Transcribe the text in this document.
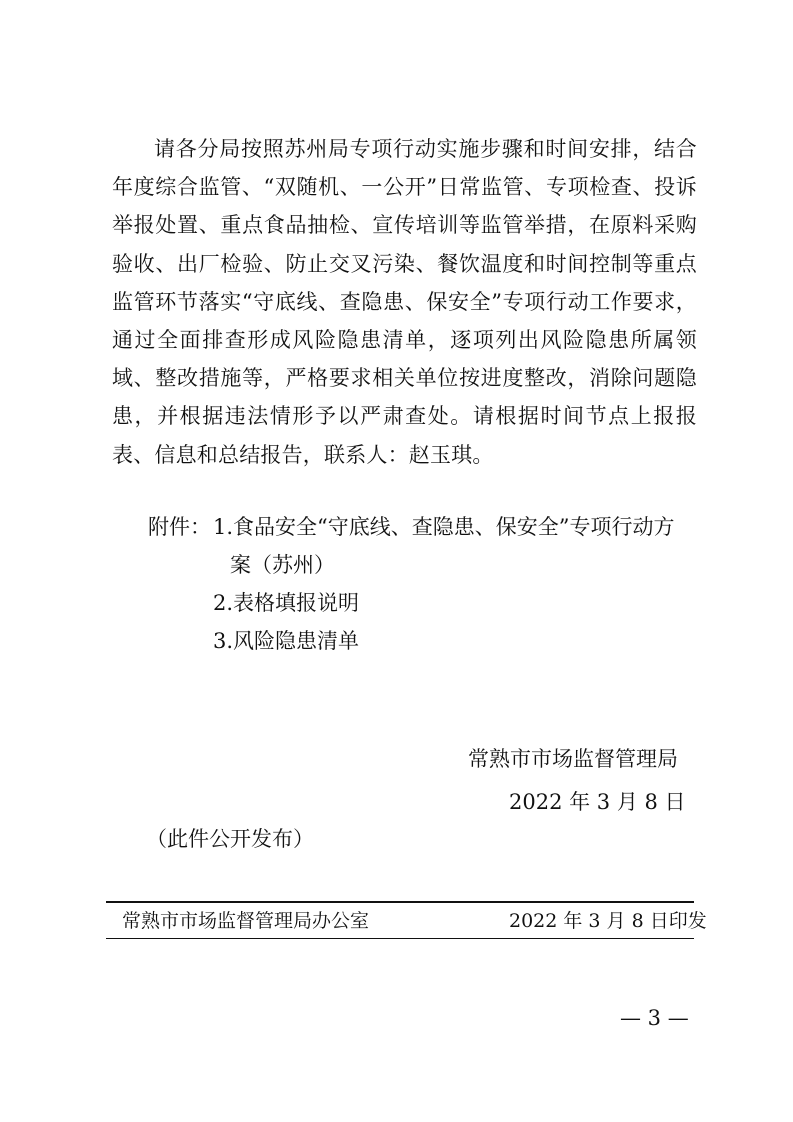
请各分局按照苏州局专项行动实施步骤和时间安排，结合年度综合监管、“双随机、一公开”日常监管、专项检查、投诉举报处置、重点食品抽检、宣传培训等监管举措，在原料采购验收、出厂检验、防止交叉污染、餐饮温度和时间控制等重点监管环节落实“守底线、查隐患、保安全”专项行动工作要求，通过全面排查形成风险隐患清单，逐项列出风险隐患所属领域、整改措施等，严格要求相关单位按进度整改，消除问题隐患，并根据违法情形予以严肃查处。请根据时间节点上报报表、信息和总结报告，联系人：赵玉琪。

附件： 1.食品安全“守底线、查隐患、保安全”专项行动方
案（苏州）
2.表格填报说明
3.风险隐患清单
常熟市市场监督管理局
2022 年 3 月 8 日
（此件公开发布）
常熟市市场监督管理局办公室	2022 年 3 月 8 日印发
— 3 —
